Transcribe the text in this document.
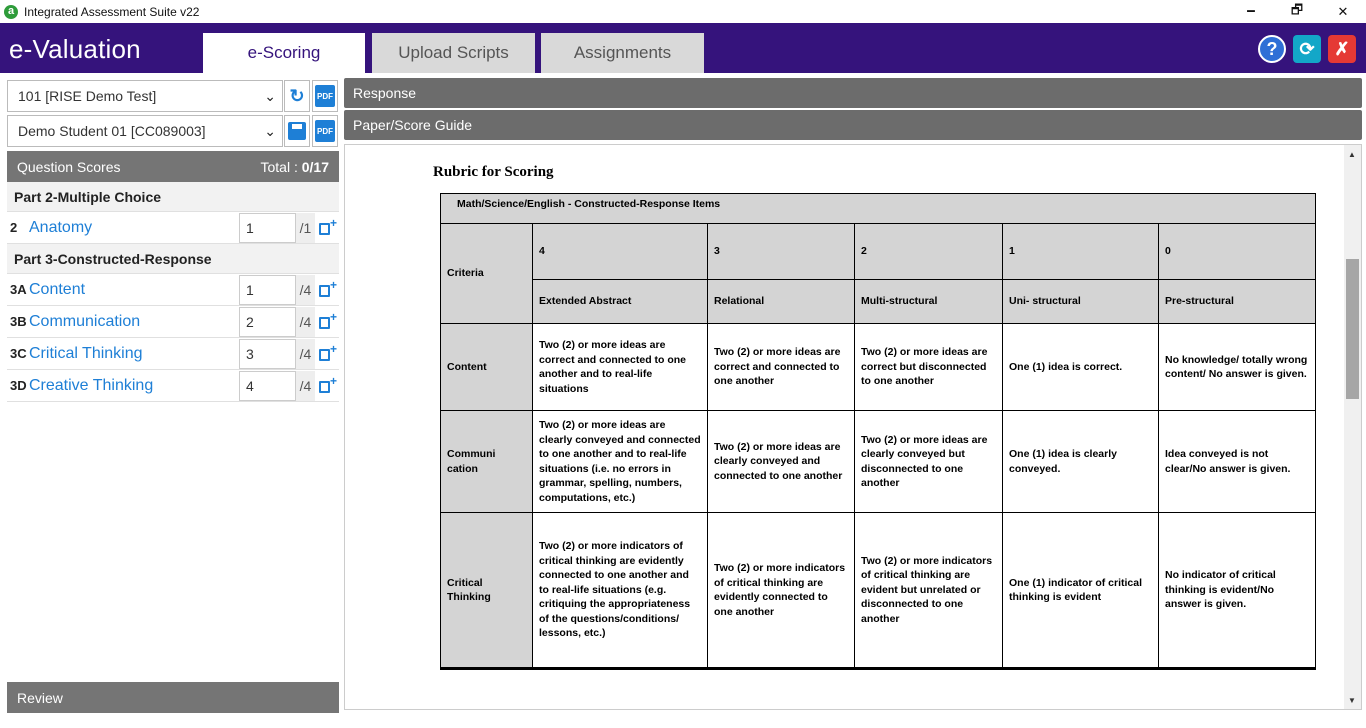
a Integrated Assessment Suite v22	🗕	🗗	✕
e-Valuation	e-Scoring	Upload Scripts	Assignments	?	⟳	✗
101 [RISE Demo Test]	⌄ ↻ PDF
Demo Student 01 [CC089003]	⌄	PDF
Question Scores	Total : 0/17
Part 2-Multiple Choice
2 Anatomy	1	/1	+
Part 3-Constructed-Response
3A Content	1	/4	+
3B Communication	2	/4	+
3C Critical Thinking	3	/4	+
3D Creative Thinking	4	/4	+
Review
Response
Paper/Score Guide
Rubric for Scoring
Math/Science/English - Constructed-Response Items					
Criteria	4	3	2	1	0
	Extended Abstract	Relational	Multi-structural	Uni- structural	Pre-structural
Content	Two (2) or more ideas are correct and connected to one another and to real-life situations	Two (2) or more ideas are correct and connected to one another	Two (2) or more ideas are correct but disconnected to one another	One (1) idea is correct.	No knowledge/ totally wrong content/ No answer is given.
Communi cation	Two (2) or more ideas are clearly conveyed and connected to one another and to real-life situations (i.e. no errors in grammar, spelling, numbers, computations, etc.)	Two (2) or more ideas are clearly conveyed and connected to one another	Two (2) or more ideas are clearly conveyed but disconnected to one another	One (1) idea is clearly conveyed.	Idea conveyed is not clear/No answer is given.
Critical Thinking	Two (2) or more indicators of critical thinking are evidently connected to one another and to real-life situations (e.g. critiquing the appropriateness of the questions/conditions/ lessons, etc.)	Two (2) or more indicators of critical thinking are evidently connected to one another	Two (2) or more indicators of critical thinking are evident but unrelated or disconnected to one another	One (1) indicator of critical thinking is evident	No indicator of critical thinking is evident/No answer is given.
▲
▼
